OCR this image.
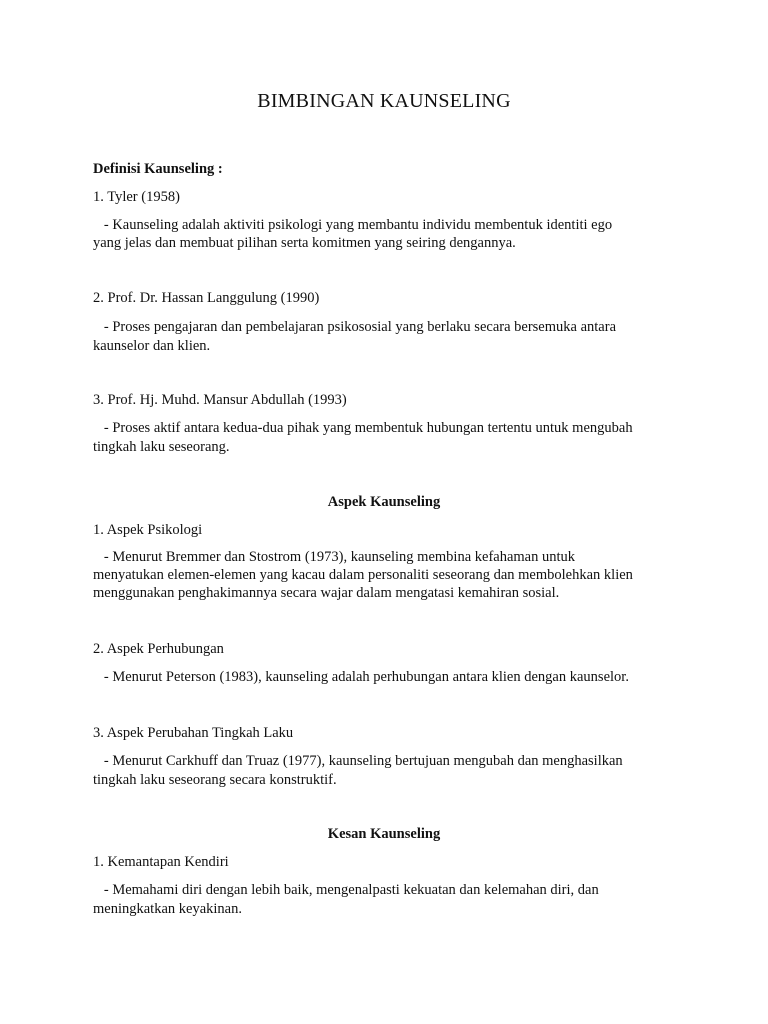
BIMBINGAN KAUNSELING
Definisi Kaunseling :
1. Tyler (1958)
- Kaunseling adalah aktiviti psikologi yang membantu individu membentuk identiti ego
yang jelas dan membuat pilihan serta komitmen yang seiring dengannya.
2. Prof. Dr. Hassan Langgulung (1990)
- Proses pengajaran dan pembelajaran psikososial yang berlaku secara bersemuka antara
kaunselor dan klien.
3. Prof. Hj. Muhd. Mansur Abdullah (1993)
- Proses aktif antara kedua-dua pihak yang membentuk hubungan tertentu untuk mengubah
tingkah laku seseorang.
Aspek Kaunseling
1. Aspek Psikologi
- Menurut Bremmer dan Stostrom (1973), kaunseling membina kefahaman untuk
menyatukan elemen-elemen yang kacau dalam personaliti seseorang dan membolehkan klien
menggunakan penghakimannya secara wajar dalam mengatasi kemahiran sosial.
2. Aspek Perhubungan
- Menurut Peterson (1983), kaunseling adalah perhubungan antara klien dengan kaunselor.
3. Aspek Perubahan Tingkah Laku
- Menurut Carkhuff dan Truaz (1977), kaunseling bertujuan mengubah dan menghasilkan
tingkah laku seseorang secara konstruktif.
Kesan Kaunseling
1. Kemantapan Kendiri
- Memahami diri dengan lebih baik, mengenalpasti kekuatan dan kelemahan diri, dan
meningkatkan keyakinan.
